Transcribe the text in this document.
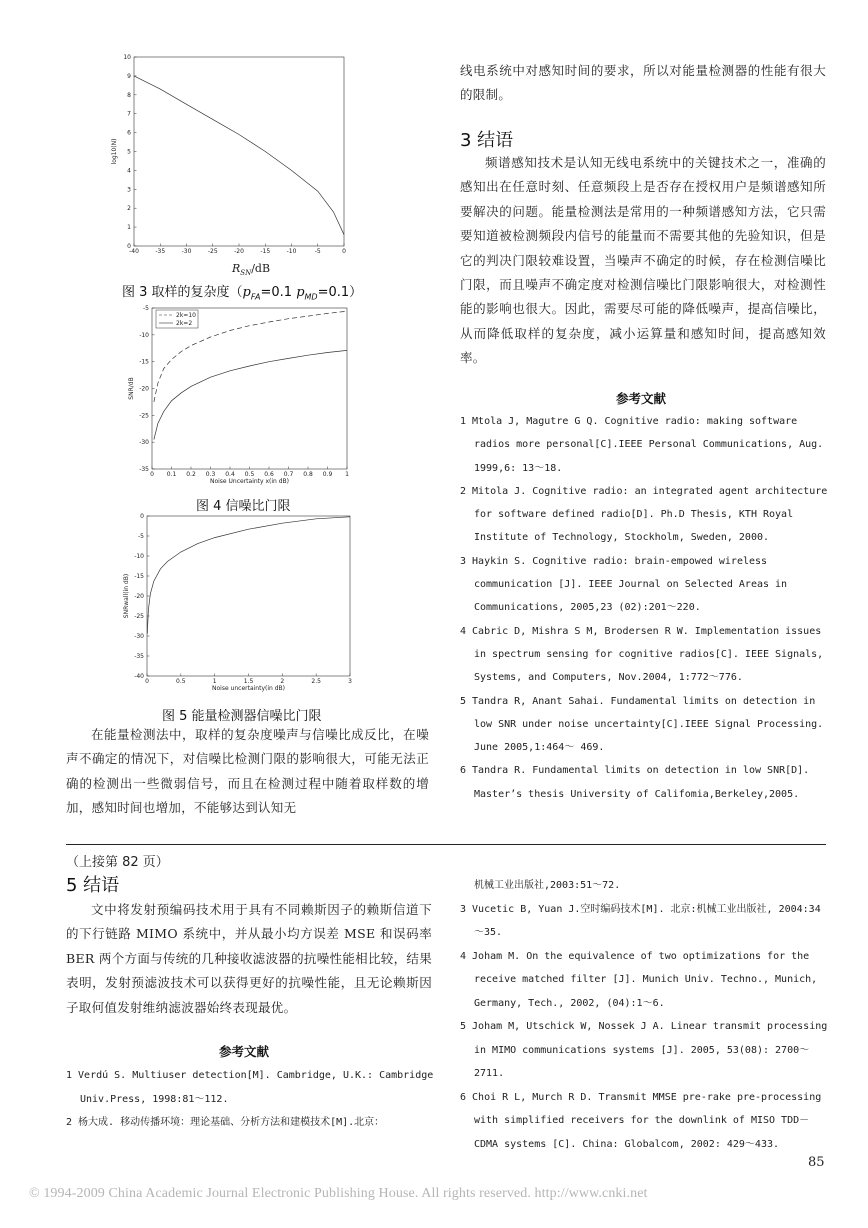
-40	-35	-30	-25	-20	-15	-10	-5	0
0
1
2
3
4
5
6
7
8
9
10
log10(N)
$R_{SN}/dB$
图 3 取样的复杂度（$p_{FA}=0.1$ $p_{MD}=0.1$）
0 0.1 0.2 0.3 0.4 0.5 0.6 0.7 0.8 0.9 1
-5
-10
-15
-20
-25
-30
-35
SNR/dB
Noise Uncertainty x(in dB)
2k=10
2k=2
图 4 信噪比门限
0	0.5	1	1.5	2	2.5	3
0
-5
-10
-15
-20
-25
-30
-35
-40
SNRwall(in dB)
Noise uncertainty(in dB)
图 5 能量检测器信噪比门限
在能量检测法中，取样的复杂度噪声与信噪比成反比，在噪声不确定的情况下，对信噪比检测门限的影响很大，可能无法正确的检测出一些微弱信号，而且在检测过程中随着取样数的增加，感知时间也增加，不能够达到认知无
线电系统中对感知时间的要求，所以对能量检测器的性能有很大的限制。
3 结语
频谱感知技术是认知无线电系统中的关键技术之一，准确的感知出在任意时刻、任意频段上是否存在授权用户是频谱感知所要解决的问题。能量检测法是常用的一种频谱感知方法，它只需要知道被检测频段内信号的能量而不需要其他的先验知识，但是它的判决门限较难设置，当噪声不确定的时候，存在检测信噪比门限，而且噪声不确定度对检测信噪比门限影响很大，对检测性能的影响也很大。因此，需要尽可能的降低噪声，提高信噪比，从而降低取样的复杂度，减小运算量和感知时间，提高感知效率。
参考文献
1 Mtola J, Magutre G Q. Cognitive radio: making software radios more personal[C].IEEE Personal Communications, Aug. 1999,6: 13～18.
2 Mitola J. Cognitive radio: an integrated agent architecture for software defined radio[D]. Ph.D Thesis, KTH Royal Institute of Technology, Stockholm, Sweden, 2000.
3 Haykin S. Cognitive radio: brain-empowed wireless communication [J]. IEEE Journal on Selected Areas in Communications, 2005,23 (02):201～220.
4 Cabric D, Mishra S M, Brodersen R W. Implementation issues in spectrum sensing for cognitive radios[C]. IEEE Signals, Systems, and Computers, Nov.2004, 1:772～776.
5 Tandra R, Anant Sahai. Fundamental limits on detection in low SNR under noise uncertainty[C].IEEE Signal Processing. June 2005,1:464～ 469.
6 Tandra R. Fundamental limits on detection in low SNR[D]. Master’s thesis University of Califomia,Berkeley,2005.
（上接第 82 页）
5 结语
文中将发射预编码技术用于具有不同赖斯因子的赖斯信道下的下行链路 MIMO 系统中，并从最小均方误差 MSE 和误码率 BER 两个方面与传统的几种接收滤波器的抗噪性能相比较，结果表明，发射预滤波技术可以获得更好的抗噪性能，且无论赖斯因子取何值发射维纳滤波器始终表现最优。
参考文献
1 Verdú S. Multiuser detection[M]. Cambridge, U.K.: Cambridge Univ.Press, 1998:81～112.
2 杨大成. 移动传播环境：理论基础、分析方法和建模技术[M].北京：
机械工业出版社,2003:51～72.
3 Vucetic B, Yuan J.空时编码技术[M]. 北京:机械工业出版社, 2004:34～35.
4 Joham M. On the equivalence of two optimizations for the receive matched filter [J]. Munich Univ. Techno., Munich, Germany, Tech., 2002, (04):1～6.
5 Joham M, Utschick W, Nossek J A. Linear transmit processing in MIMO communications systems [J]. 2005, 53(08): 2700～2711.
6 Choi R L, Murch R D. Transmit MMSE pre-rake pre-processing with simplified receivers for the downlink of MISO TDD－CDMA systems [C]. China: Globalcom, 2002: 429～433.
85
© 1994-2009 China Academic Journal Electronic Publishing House. All rights reserved. http://www.cnki.net
